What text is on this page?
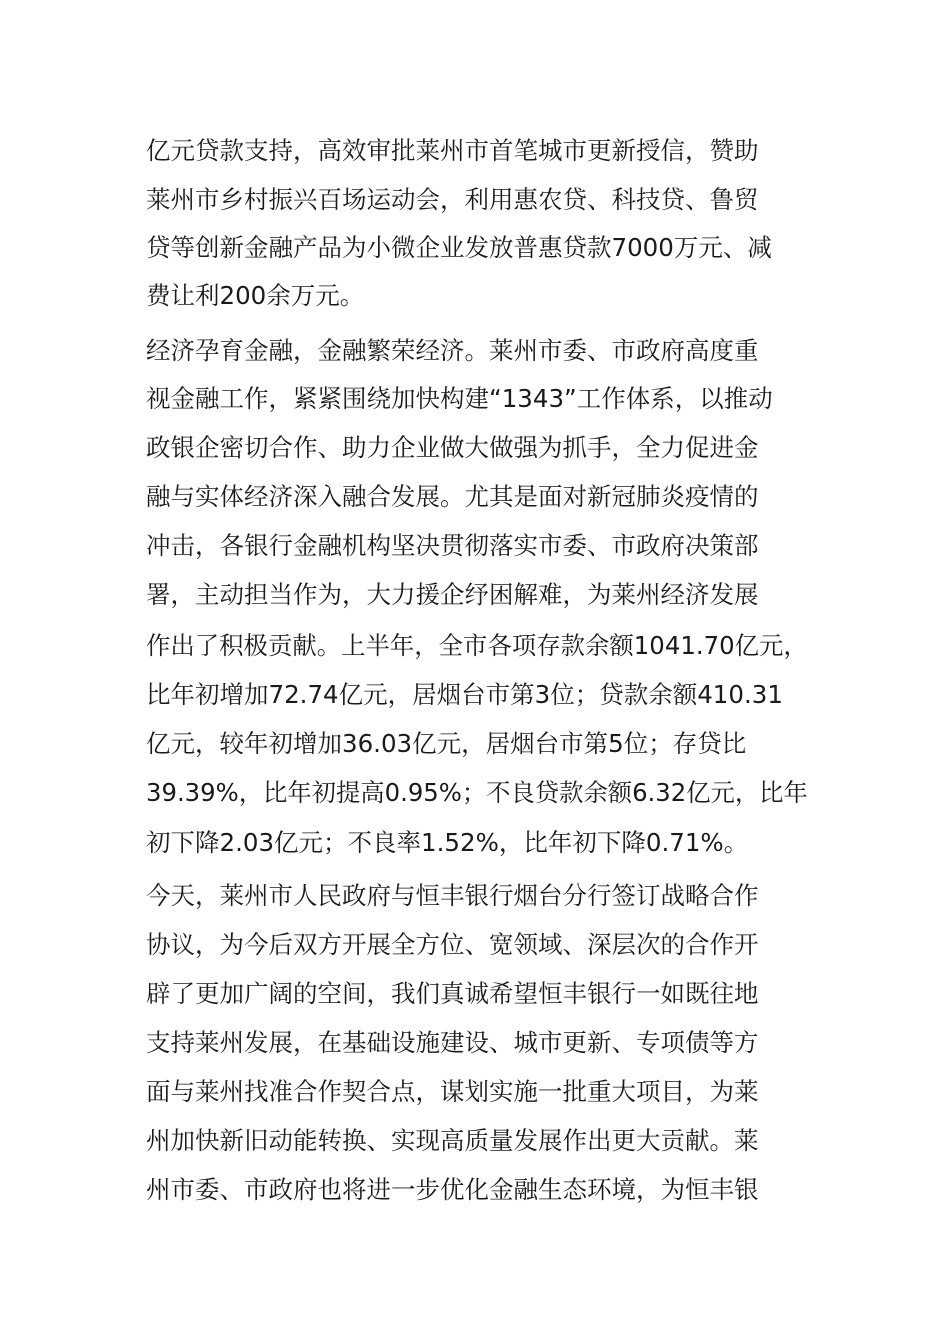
亿元贷款支持，高效审批莱州市首笔城市更新授信，赞助
莱州市乡村振兴百场运动会，利用惠农贷、科技贷、鲁贸
贷等创新金融产品为小微企业发放普惠贷款7000万元、减
费让利200余万元。
经济孕育金融，金融繁荣经济。莱州市委、市政府高度重
视金融工作，紧紧围绕加快构建“1343”工作体系，以推动
政银企密切合作、助力企业做大做强为抓手，全力促进金
融与实体经济深入融合发展。尤其是面对新冠肺炎疫情的
冲击，各银行金融机构坚决贯彻落实市委、市政府决策部
署，主动担当作为，大力援企纾困解难，为莱州经济发展
作出了积极贡献。上半年，全市各项存款余额1041.70亿元，
比年初增加72.74亿元，居烟台市第3位；贷款余额410.31
亿元，较年初增加36.03亿元，居烟台市第5位；存贷比
39.39%，比年初提高0.95%；不良贷款余额6.32亿元，比年
初下降2.03亿元；不良率1.52%，比年初下降0.71%。
今天，莱州市人民政府与恒丰银行烟台分行签订战略合作
协议，为今后双方开展全方位、宽领域、深层次的合作开
辟了更加广阔的空间，我们真诚希望恒丰银行一如既往地
支持莱州发展，在基础设施建设、城市更新、专项债等方
面与莱州找准合作契合点，谋划实施一批重大项目，为莱
州加快新旧动能转换、实现高质量发展作出更大贡献。莱
州市委、市政府也将进一步优化金融生态环境，为恒丰银
